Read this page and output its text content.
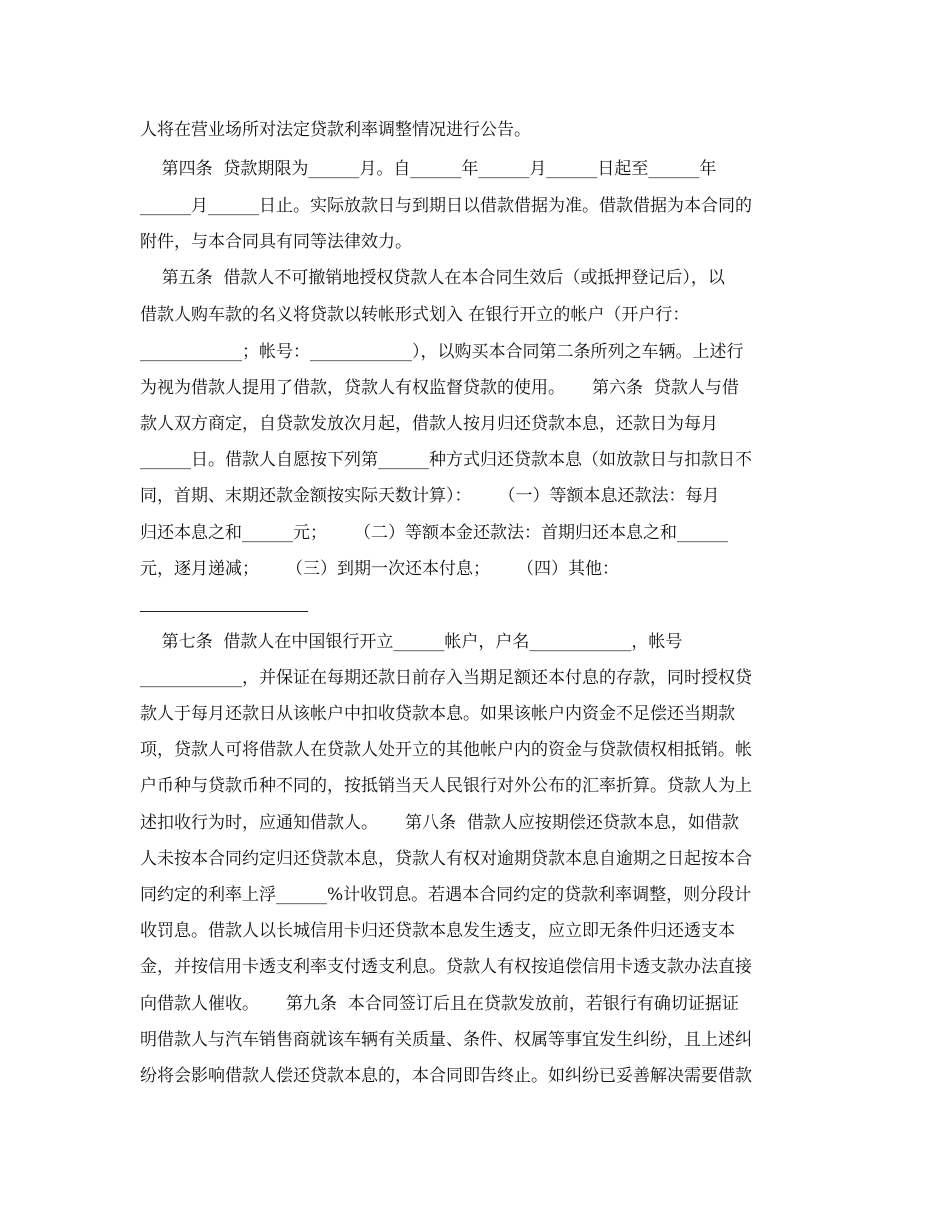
人将在营业场所对法定贷款利率调整情况进行公告。

第四条  贷款期限为______月。自______年______月______日起至______年

______月______日止。实际放款日与到期日以借款借据为准。借款借据为本合同的

附件，与本合同具有同等法律效力。

第五条  借款人不可撤销地授权贷款人在本合同生效后（或抵押登记后），以

借款人购车款的名义将贷款以转帐形式划入 在银行开立的帐户（开户行：

____________；帐号：____________），以购买本合同第二条所列之车辆。上述行

为视为借款人提用了借款，贷款人有权监督贷款的使用。     第六条  贷款人与借

款人双方商定，自贷款发放次月起，借款人按月归还贷款本息，还款日为每月

______日。借款人自愿按下列第______种方式归还贷款本息（如放款日与扣款日不

同，首期、末期还款金额按实际天数计算）：     （一）等额本息还款法：每月

归还本息之和______元；     （二）等额本金还款法：首期归还本息之和______

元，逐月递减；     （三）到期一次还本付息；     （四）其他：

第七条  借款人在中国银行开立______帐户，户名____________，帐号

____________，并保证在每期还款日前存入当期足额还本付息的存款，同时授权贷

款人于每月还款日从该帐户中扣收贷款本息。如果该帐户内资金不足偿还当期款

项，贷款人可将借款人在贷款人处开立的其他帐户内的资金与贷款债权相抵销。帐

户币种与贷款币种不同的，按抵销当天人民银行对外公布的汇率折算。贷款人为上

述扣收行为时，应通知借款人。     第八条  借款人应按期偿还贷款本息，如借款

人未按本合同约定归还贷款本息，贷款人有权对逾期贷款本息自逾期之日起按本合

同约定的利率上浮______%计收罚息。若遇本合同约定的贷款利率调整，则分段计

收罚息。借款人以长城信用卡归还贷款本息发生透支，应立即无条件归还透支本

金，并按信用卡透支利率支付透支利息。贷款人有权按追偿信用卡透支款办法直接

向借款人催收。     第九条  本合同签订后且在贷款发放前，若银行有确切证据证

明借款人与汽车销售商就该车辆有关质量、条件、权属等事宜发生纠纷，且上述纠

纷将会影响借款人偿还贷款本息的，本合同即告终止。如纠纷已妥善解决需要借款
